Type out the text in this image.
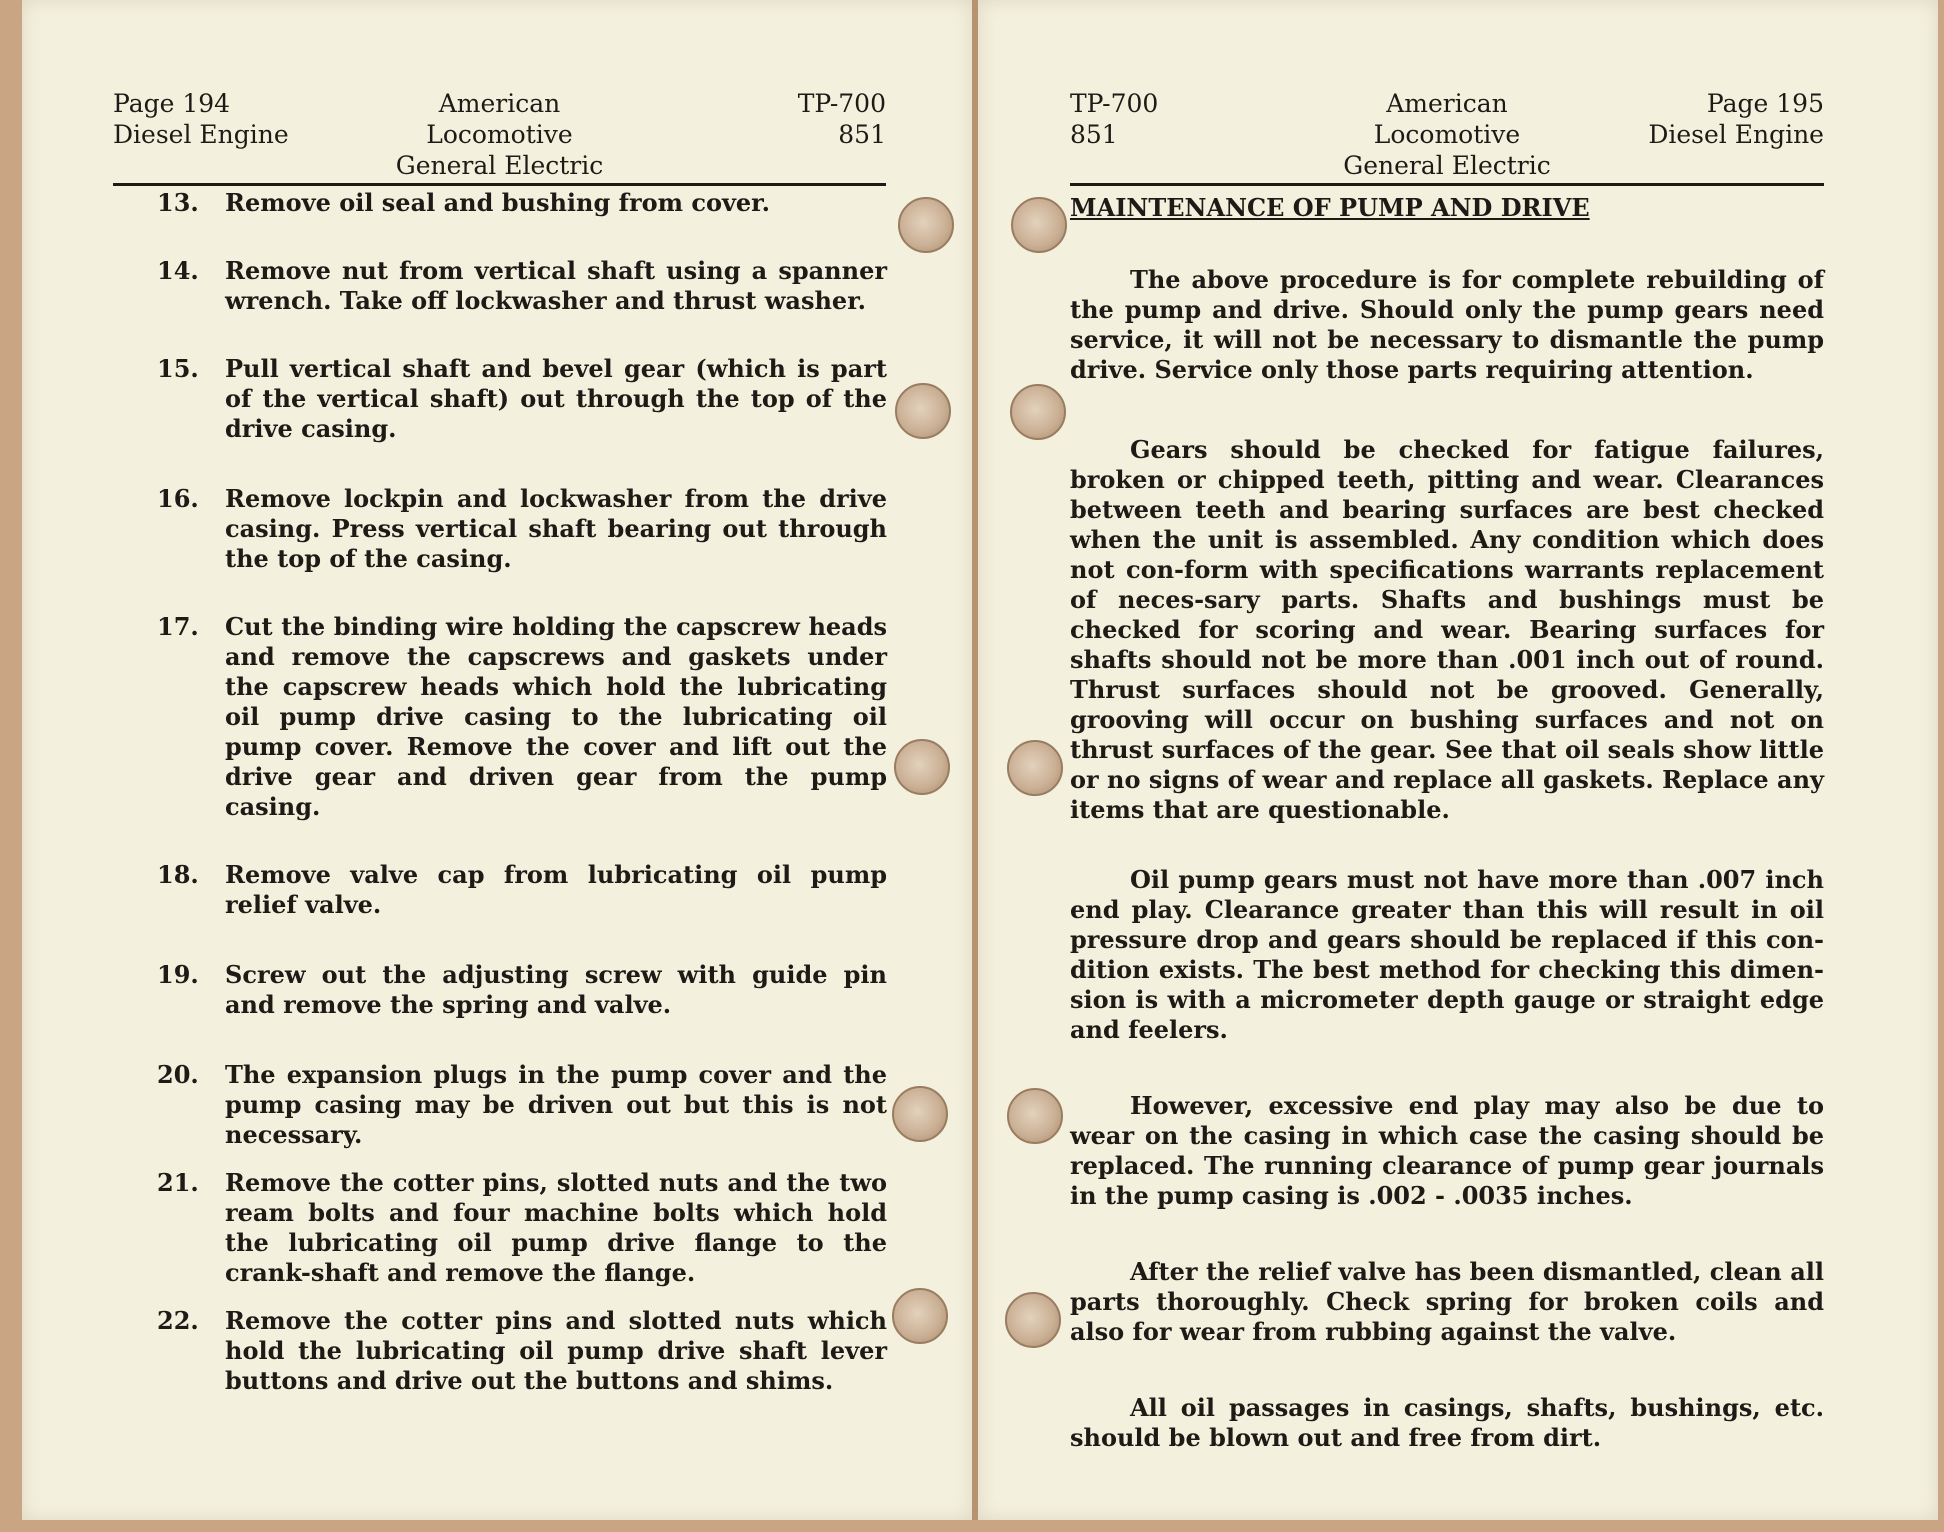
Page 194
Diesel Engine
American Locomotive
General Electric
TP-700
851
13.	Remove oil seal and bushing from cover.
14.	Remove nut from vertical shaft using a spanner wrench. Take off lockwasher and thrust washer.
15.	Pull vertical shaft and bevel gear (which is part of the vertical shaft) out through the top of the drive casing.
16.	Remove lockpin and lockwasher from the drive casing. Press vertical shaft bearing out through the top of the casing.
17.	Cut the binding wire holding the capscrew heads and remove the capscrews and gaskets under the capscrew heads which hold the lubricating oil pump drive casing to the lubricating oil pump cover. Remove the cover and lift out the drive gear and driven gear from the pump casing.
18.	Remove valve cap from lubricating oil pump relief valve.
19.	Screw out the adjusting screw with guide pin and remove the spring and valve.
20.	The expansion plugs in the pump cover and the pump casing may be driven out but this is not necessary.
21.	Remove the cotter pins, slotted nuts and the two ream bolts and four machine bolts which hold the lubricating oil pump drive flange to the crank-shaft and remove the flange.
22.	Remove the cotter pins and slotted nuts which hold the lubricating oil pump drive shaft lever buttons and drive out the buttons and shims.
TP-700
851
American Locomotive
General Electric
Page 195
Diesel Engine
MAINTENANCE OF PUMP AND DRIVE

The above procedure is for complete rebuilding of the pump and drive. Should only the pump gears need service, it will not be necessary to dismantle the pump drive. Service only those parts requiring attention.

Gears should be checked for fatigue failures, broken or chipped teeth, pitting and wear. Clearances between teeth and bearing surfaces are best checked when the unit is assembled. Any condition which does not con-form with specifications warrants replacement of neces-sary parts. Shafts and bushings must be checked for scoring and wear. Bearing surfaces for shafts should not be more than .001 inch out of round. Thrust surfaces should not be grooved. Generally, grooving will occur on bushing surfaces and not on thrust surfaces of the gear. See that oil seals show little or no signs of wear and replace all gaskets. Replace any items that are questionable.

Oil pump gears must not have more than .007 inch end play. Clearance greater than this will result in oil pressure drop and gears should be replaced if this con-dition exists. The best method for checking this dimen-sion is with a micrometer depth gauge or straight edge and feelers.

However, excessive end play may also be due to wear on the casing in which case the casing should be replaced. The running clearance of pump gear journals in the pump casing is .002 - .0035 inches.

After the relief valve has been dismantled, clean all parts thoroughly. Check spring for broken coils and also for wear from rubbing against the valve.

All oil passages in casings, shafts, bushings, etc. should be blown out and free from dirt.
